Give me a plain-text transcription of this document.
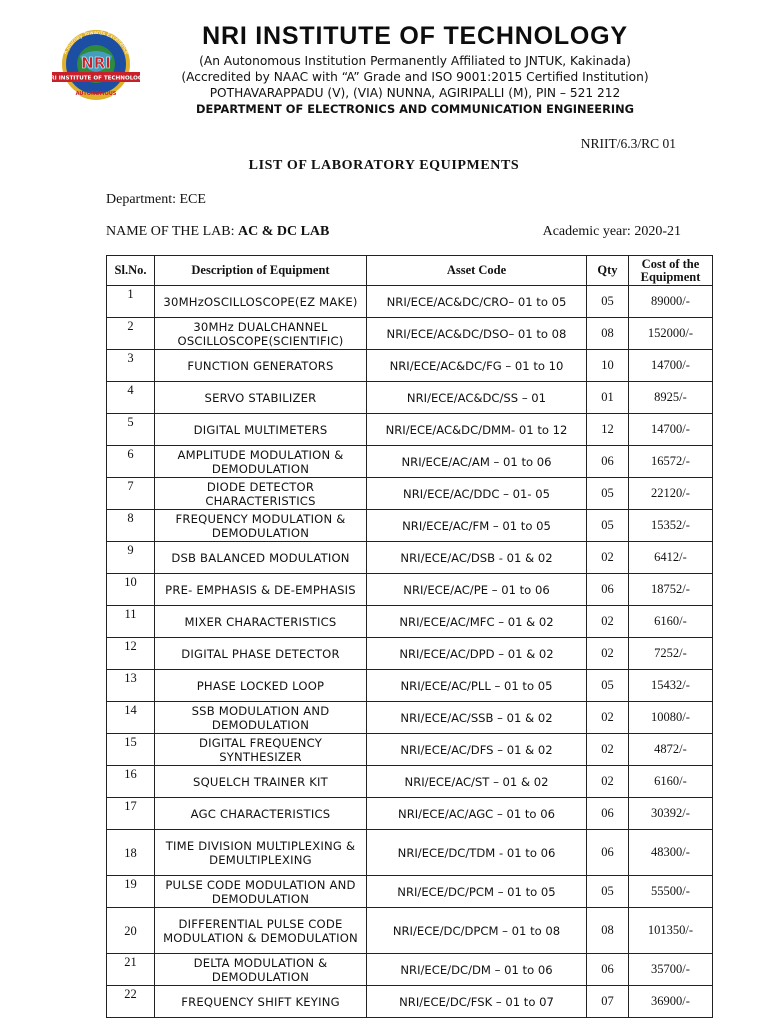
A Journey Towards Excellence
NRI
NRI INSTITUTE OF TECHNOLOGY
AUTONOMOUS
NRI INSTITUTE OF TECHNOLOGY
(An Autonomous Institution Permanently Affiliated to JNTUK, Kakinada)
(Accredited by NAAC with “A” Grade and ISO 9001:2015 Certified Institution)
POTHAVARAPPADU (V), (VIA) NUNNA, AGIRIPALLI (M), PIN – 521 212
DEPARTMENT OF ELECTRONICS AND COMMUNICATION ENGINEERING
NRIIT/6.3/RC 01
LIST OF LABORATORY EQUIPMENTS
Department: ECE
NAME OF THE LAB: AC & DC LAB	Academic year: 2020-21
Sl.No.	Description of Equipment	Asset Code	Qty	Cost of the Equipment
1	30MHzOSCILLOSCOPE(EZ MAKE)	NRI/ECE/AC&DC/CRO– 01 to 05	05	89000/-
2	30MHz DUALCHANNEL OSCILLOSCOPE(SCIENTIFIC)	NRI/ECE/AC&DC/DSO– 01 to 08	08	152000/-
3	FUNCTION GENERATORS	NRI/ECE/AC&DC/FG – 01 to 10	10	14700/-
4	SERVO STABILIZER	NRI/ECE/AC&DC/SS – 01	01	8925/-
5	DIGITAL MULTIMETERS	NRI/ECE/AC&DC/DMM- 01 to 12	12	14700/-
6	AMPLITUDE MODULATION & DEMODULATION	NRI/ECE/AC/AM – 01 to 06	06	16572/-
7	DIODE DETECTOR CHARACTERISTICS	NRI/ECE/AC/DDC – 01- 05	05	22120/-
8	FREQUENCY MODULATION & DEMODULATION	NRI/ECE/AC/FM – 01 to 05	05	15352/-
9	DSB BALANCED MODULATION	NRI/ECE/AC/DSB - 01 & 02	02	6412/-
10	PRE- EMPHASIS & DE-EMPHASIS	NRI/ECE/AC/PE – 01 to 06	06	18752/-
11	MIXER CHARACTERISTICS	NRI/ECE/AC/MFC – 01 & 02	02	6160/-
12	DIGITAL PHASE DETECTOR	NRI/ECE/AC/DPD – 01 & 02	02	7252/-
13	PHASE LOCKED LOOP	NRI/ECE/AC/PLL – 01 to 05	05	15432/-
14	SSB MODULATION AND DEMODULATION	NRI/ECE/AC/SSB – 01 & 02	02	10080/-
15	DIGITAL FREQUENCY SYNTHESIZER	NRI/ECE/AC/DFS – 01 & 02	02	4872/-
16	SQUELCH TRAINER KIT	NRI/ECE/AC/ST – 01 & 02	02	6160/-
17	AGC CHARACTERISTICS	NRI/ECE/AC/AGC – 01 to 06	06	30392/-
18	TIME DIVISION MULTIPLEXING & DEMULTIPLEXING	NRI/ECE/DC/TDM - 01 to 06	06	48300/-
19	PULSE CODE MODULATION AND DEMODULATION	NRI/ECE/DC/PCM – 01 to 05	05	55500/-
20	DIFFERENTIAL PULSE CODE MODULATION & DEMODULATION	NRI/ECE/DC/DPCM – 01 to 08	08	101350/-
21	DELTA MODULATION & DEMODULATION	NRI/ECE/DC/DM – 01 to 06	06	35700/-
22	FREQUENCY SHIFT KEYING	NRI/ECE/DC/FSK – 01 to 07	07	36900/-
